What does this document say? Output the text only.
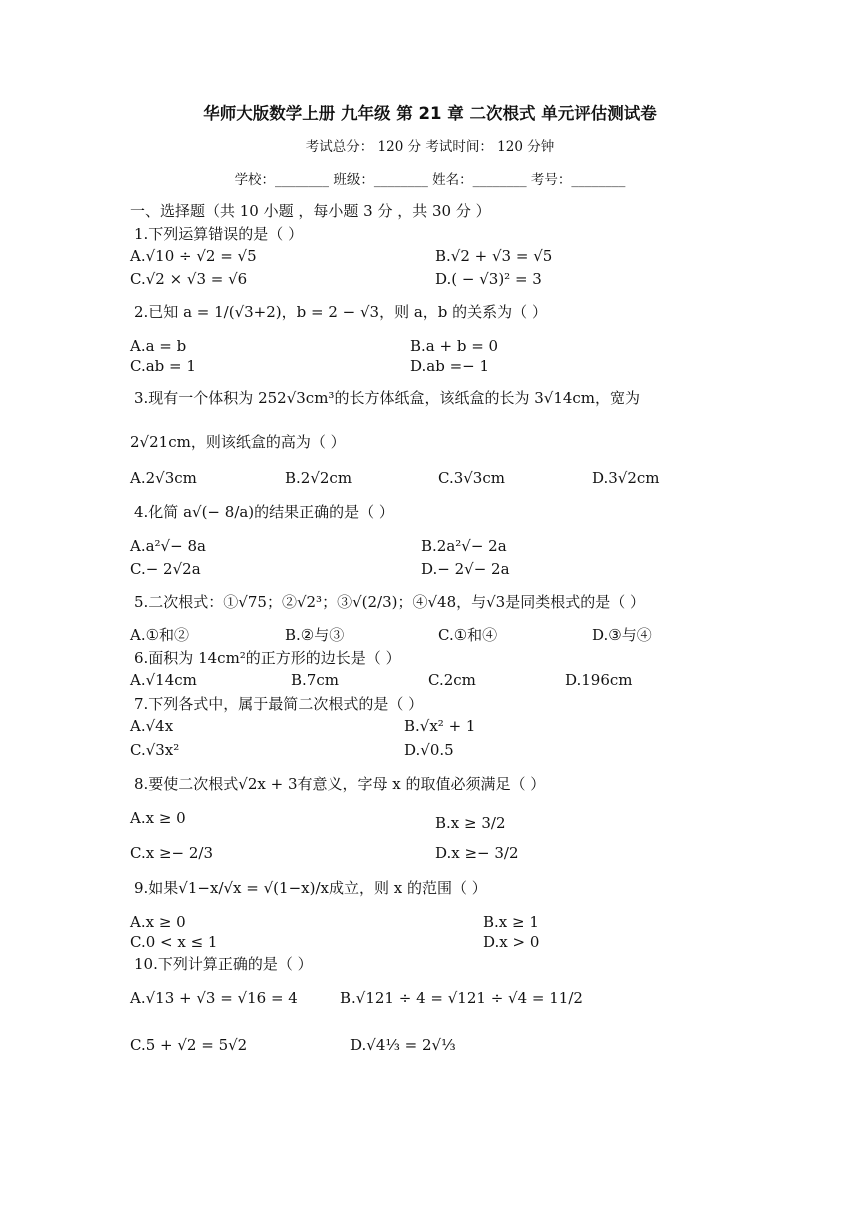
华师大版数学上册 九年级 第 21 章 二次根式 单元评估测试卷
考试总分： 120 分 考试时间： 120 分钟
学校：________ 班级：________ 姓名：________ 考号：________
一、选择题（共 10 小题 ，每小题 3 分 ，共 30 分 ）
1.下列运算错误的是（ ）
A.√10 ÷ √2 = √5	B.√2 + √3 = √5
C.√2 × √3 = √6	D.( − √3)² = 3
2.已知 a = 1/(√3+2)，b = 2 − √3，则 a，b 的关系为（ ）
A.a = b	B.a + b = 0
C.ab = 1	D.ab =− 1
3.现有一个体积为 252√3cm³的长方体纸盒，该纸盒的长为 3√14cm，宽为
2√21cm，则该纸盒的高为（ ）
A.2√3cm	B.2√2cm	C.3√3cm	D.3√2cm
4.化简 a√(− 8/a)的结果正确的是（ ）
A.a²√− 8a	B.2a²√− 2a
C.− 2√2a	D.− 2√− 2a
5.二次根式：①√75；②√2³；③√(2/3)；④√48，与√3是同类根式的是（ ）
A.①和②	B.②与③	C.①和④	D.③与④
6.面积为 14cm²的正方形的边长是（ ）
A.√14cm	B.7cm	C.2cm	D.196cm
7.下列各式中，属于最简二次根式的是（ ）
A.√4x	B.√x² + 1
C.√3x²	D.√0.5
8.要使二次根式√2x + 3有意义，字母 x 的取值必须满足（ ）
A.x ≥ 0	B.x ≥ 3/2
C.x ≥− 2/3	D.x ≥− 3/2
9.如果√1−x/√x = √(1−x)/x成立，则 x 的范围（ ）
A.x ≥ 0	B.x ≥ 1
C.0 < x ≤ 1	D.x > 0
10.下列计算正确的是（ ）
A.√13 + √3 = √16 = 4	B.√121 ÷ 4 = √121 ÷ √4 = 11/2
C.5 + √2 = 5√2	D.√4⅓ = 2√⅓
